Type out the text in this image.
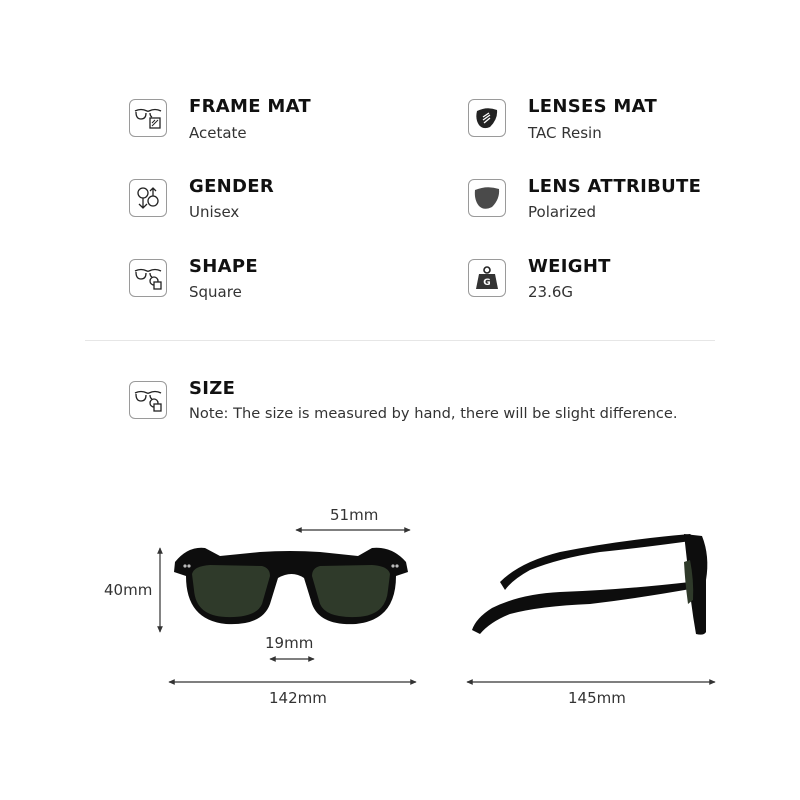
FRAME MAT
Acetate
LENSES MAT
TAC Resin
GENDER
Unisex
LENS ATTRIBUTE
Polarized
SHAPE
Square	G
WEIGHT
23.6G
SIZE
Note: The size is measured by hand, there will be slight difference.
51mm
40mm
19mm
142mm	145mm
